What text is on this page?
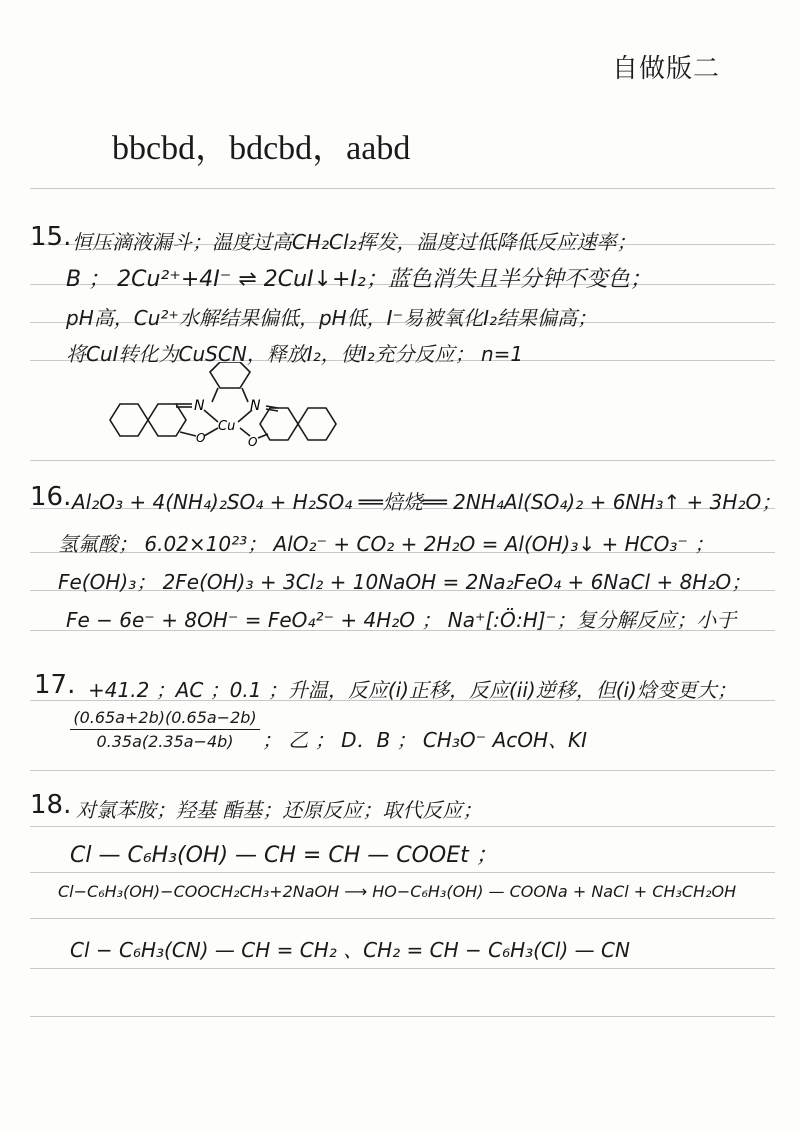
自做版二
bbcbd，bdcbd，aabd
15. 恒压滴液漏斗；温度过高CH₂Cl₂挥发，温度过低降低反应速率；
B ； 2Cu²⁺+4I⁻ ⇌ 2CuI↓+I₂；蓝色消失且半分钟不变色；
pH高，Cu²⁺水解结果偏低，pH低，I⁻易被氧化I₂结果偏高；
将CuI转化为CuSCN，释放I₂，使I₂充分反应； n=1
N	N
Cu
O	O
16. Al₂O₃ + 4(NH₄)₂SO₄ + H₂SO₄ ══焙烧══ 2NH₄Al(SO₄)₂ + 6NH₃↑ + 3H₂O；
氢氟酸； 6.02×10²³； AlO₂⁻ + CO₂ + 2H₂O = Al(OH)₃↓ + HCO₃⁻ ；
Fe(OH)₃； 2Fe(OH)₃ + 3Cl₂ + 10NaOH = 2Na₂FeO₄ + 6NaCl + 8H₂O；
Fe − 6e⁻ + 8OH⁻ = FeO₄²⁻ + 4H₂O ； Na⁺[:Ö:H]⁻；复分解反应；小于
17. +41.2 ；AC ；0.1 ；升温，反应(i)正移，反应(ii)逆移，但(i)焓变更大；
$\frac{(0.65a+2b)(0.65a-2b)}{0.35a(2.35a-4b)}$ ； 乙 ； D．B ； CH₃O⁻ AcOH、KI
18. 对氯苯胺；羟基 酯基；还原反应；取代反应；
Cl — C₆H₃(OH) — CH = CH — COOEt ；
Cl−C₆H₃(OH)−COOCH₂CH₃+2NaOH ⟶ HO−C₆H₃(OH) — COONa + NaCl + CH₃CH₂OH
Cl − C₆H₃(CN) — CH = CH₂ 、CH₂ = CH − C₆H₃(Cl) — CN
